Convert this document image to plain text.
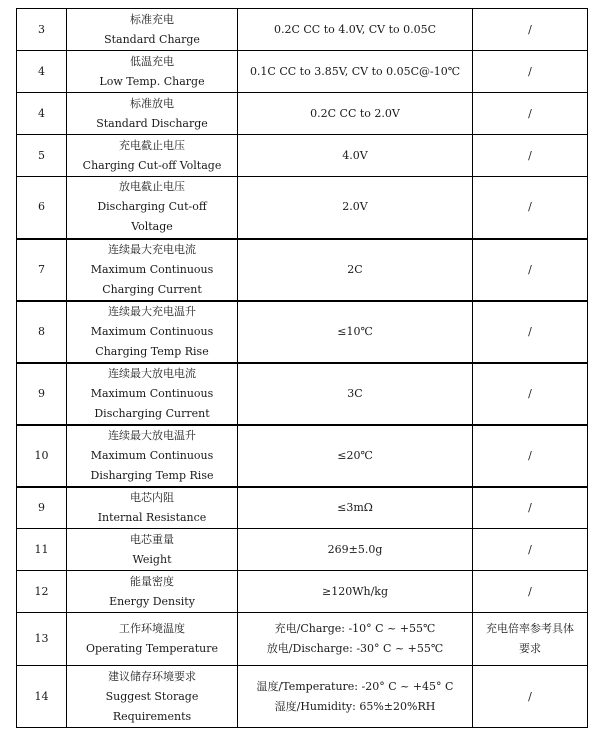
3	标准充电
Standard Charge	0.2C CC to 4.0V, CV to 0.05C	/

4	低温充电
Low Temp. Charge	0.1C CC to 3.85V, CV to 0.05C@-10℃	/

4	标准放电
Standard Discharge	0.2C CC to 2.0V	/

5	充电截止电压
Charging Cut-off Voltage	4.0V	/

6	放电截止电压
Discharging Cut-off
Voltage	2.0V	/

7	连续最大充电电流
Maximum Continuous
Charging Current	2C	/

8	连续最大充电温升
Maximum Continuous
Charging Temp Rise	≤10℃	/

9	连续最大放电电流
Maximum Continuous
Discharging Current	3C	/

10	连续最大放电温升
Maximum Continuous
Disharging Temp Rise	≤20℃	/

9	电芯内阻
Internal Resistance	≤3mΩ	/

11	电芯重量
Weight	269±5.0g	/

12	能量密度
Energy Density	≥120Wh/kg	/

13	工作环境温度
Operating Temperature	充电/Charge: -10° C ~ +55℃
放电/Discharge: -30° C ~ +55℃	充电倍率参考具体
要求

14	建议储存环境要求
Suggest Storage
Requirements	温度/Temperature: -20° C ~ +45° C
湿度/Humidity: 65%±20%RH	/
